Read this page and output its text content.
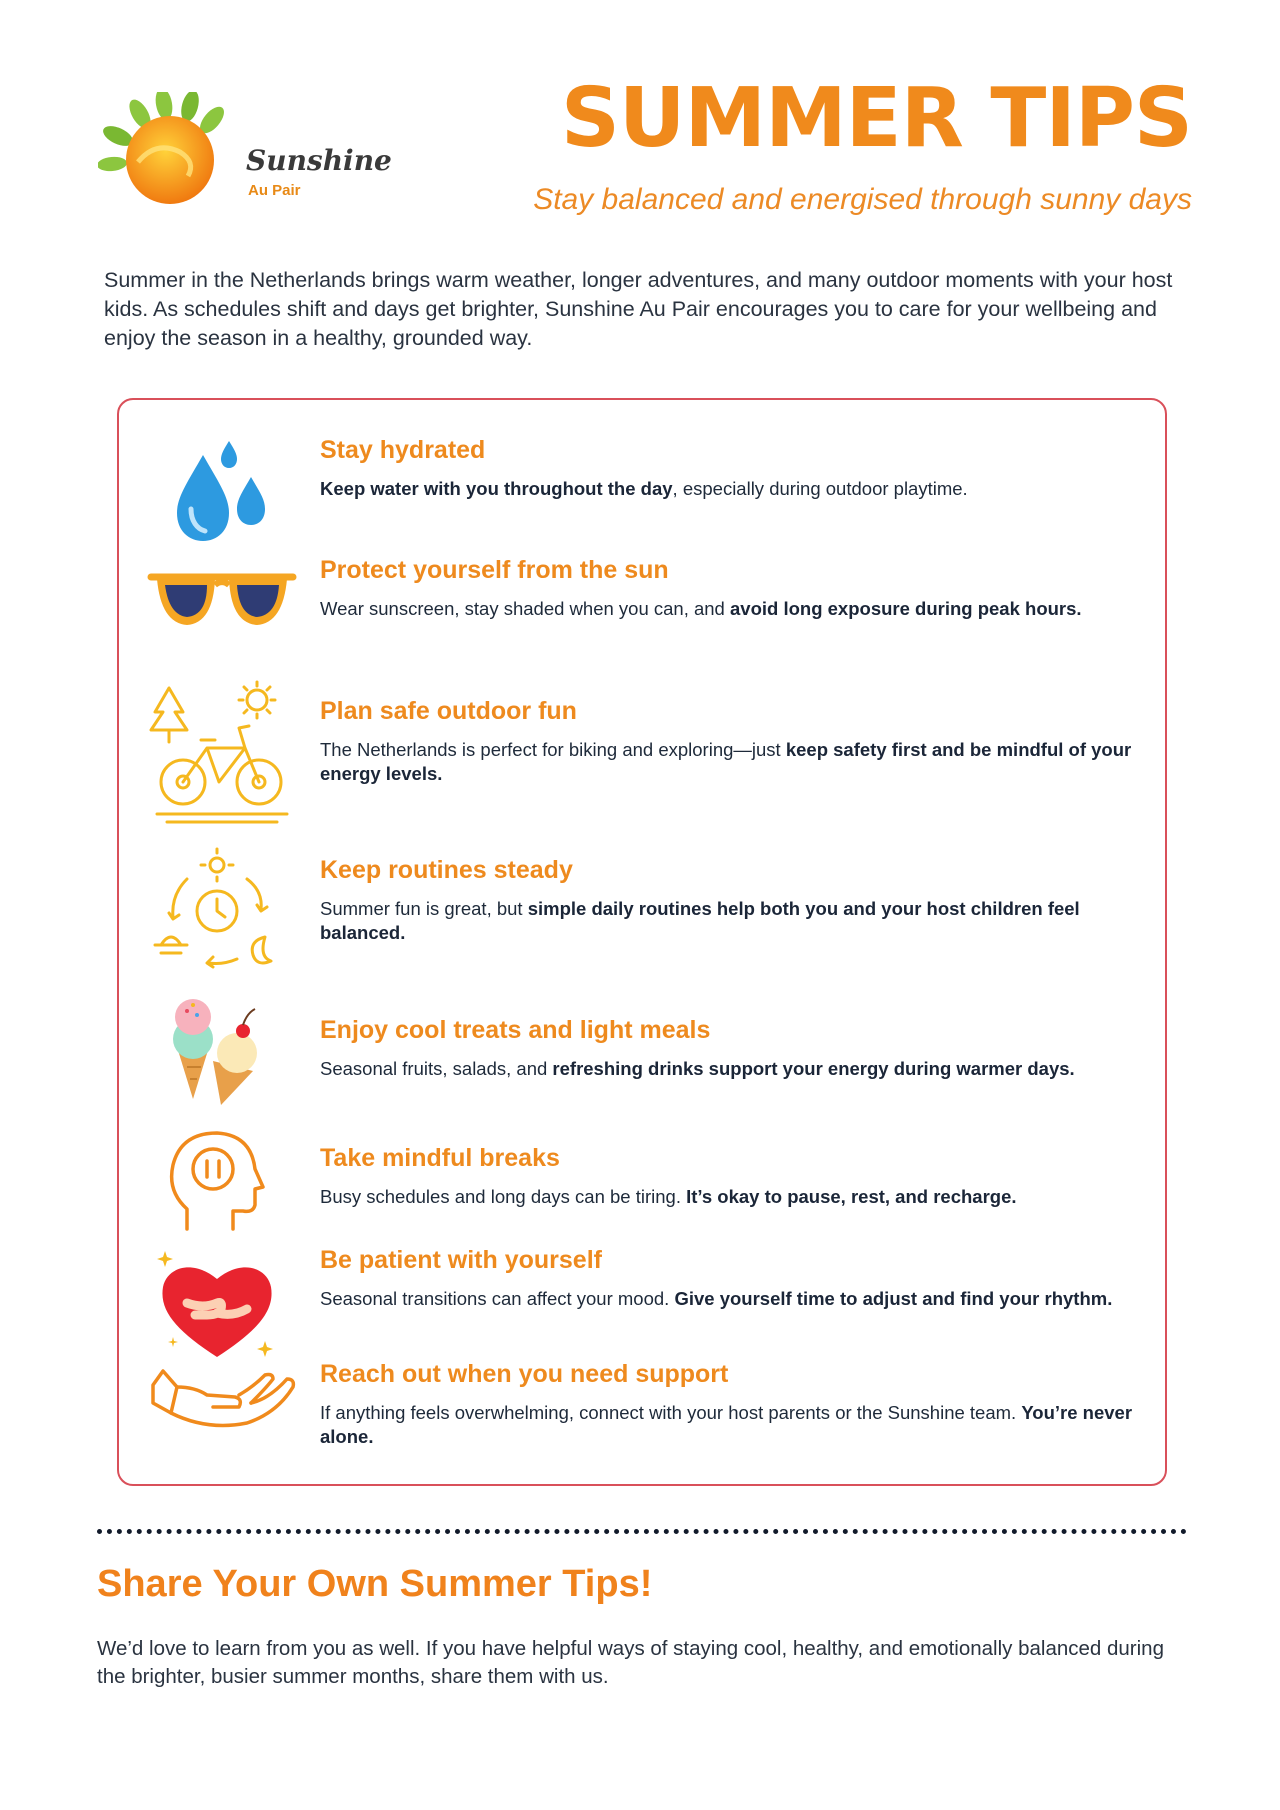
Sunshine
Au Pair
SUMMER TIPS
Stay balanced and energised through sunny days
Summer in the Netherlands brings warm weather, longer adventures, and many outdoor moments with your host kids. As schedules shift and days get brighter, Sunshine Au Pair encourages you to care for your wellbeing and enjoy the season in a healthy, grounded way.
Stay hydrated
Keep water with you throughout the day, especially during outdoor playtime.
Protect yourself from the sun
Wear sunscreen, stay shaded when you can, and avoid long exposure during peak hours.
Plan safe outdoor fun
The Netherlands is perfect for biking and exploring—just keep safety first and be mindful of your energy levels.
Keep routines steady
Summer fun is great, but simple daily routines help both you and your host children feel balanced.
Enjoy cool treats and light meals
Seasonal fruits, salads, and refreshing drinks support your energy during warmer days.
Take mindful breaks
Busy schedules and long days can be tiring. It’s okay to pause, rest, and recharge.
Be patient with yourself
Seasonal transitions can affect your mood. Give yourself time to adjust and find your rhythm.
Reach out when you need support
If anything feels overwhelming, connect with your host parents or the Sunshine team. You’re never alone.
Share Your Own Summer Tips!
We’d love to learn from you as well. If you have helpful ways of staying cool, healthy, and emotionally balanced during the brighter, busier summer months, share them with us.
